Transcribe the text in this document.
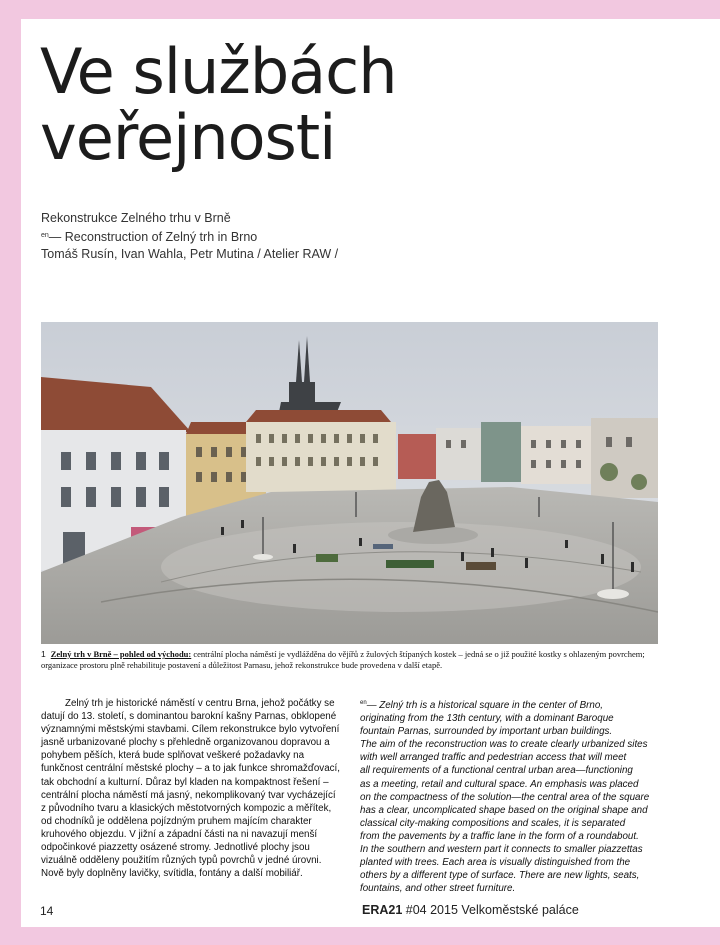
Ve službách
veřejnosti
Rekonstrukce Zelného trhu v Brně
$^{en}$— Reconstruction of Zelný trh in Brno
Tomáš Rusín, Ivan Wahla, Petr Mutina / Atelier RAW /
1 Zelný trh v Brně – pohled od východu: centrální plocha náměstí je vydlážděna do vějířů z žulových štípaných kostek – jedná se o již použité kostky s ohlazeným povrchem; organizace prostoru plně rehabilituje postavení a důležitost Parnasu, jehož rekonstrukce bude provedena v další etapě.

Zelný trh je historické náměstí v centru Brna, jehož počátky se datují do 13. století, s dominantou barokní kašny Parnas, obklopené významnými městskými stavbami. Cílem rekonstrukce bylo vytvoření jasně urbanizované plochy s přehledně organizovanou dopravou a pohybem pěších, která bude splňovat veškeré požadavky na funkčnost centrální městské plochy – a to jak funkce shromažďovací, tak obchodní a kulturní. Důraz byl kladen na kompaktnost řešení – centrální plocha náměstí má jasný, nekomplikovaný tvar vycházející z původního tvaru a klasických městotvorných kompozic a měřítek, od chodníků je oddělena pojízdným pruhem majícím charakter kruhového objezdu. V jižní a západní části na ni navazují menší odpočinkové piazzetty osázené stromy. Jednotlivé plochy jsou vizuálně odděleny použitím různých typů povrchů v jedné úrovni. Nově byly doplněny lavičky, svítidla, fontány a další mobiliář.

$^{en}$— Zelný trh is a historical square in the center of Brno,
originating from the 13th century, with a dominant Baroque
fountain Parnas, surrounded by important urban buildings.
The aim of the reconstruction was to create clearly urbanized sites
with well arranged traffic and pedestrian access that will meet
all requirements of a functional central urban area—functioning
as a meeting, retail and cultural space. An emphasis was placed
on the compactness of the solution—the central area of the square
has a clear, uncomplicated shape based on the original shape and
classical city-making compositions and scales, it is separated
from the pavements by a traffic lane in the form of a roundabout.
In the southern and western part it connects to smaller piazzettas
planted with trees. Each area is visually distinguished from the
others by a different type of surface. There are new lights, seats,
fountains, and other street furniture.
14	ERA21 #04 2015 Velkoměstské paláce
